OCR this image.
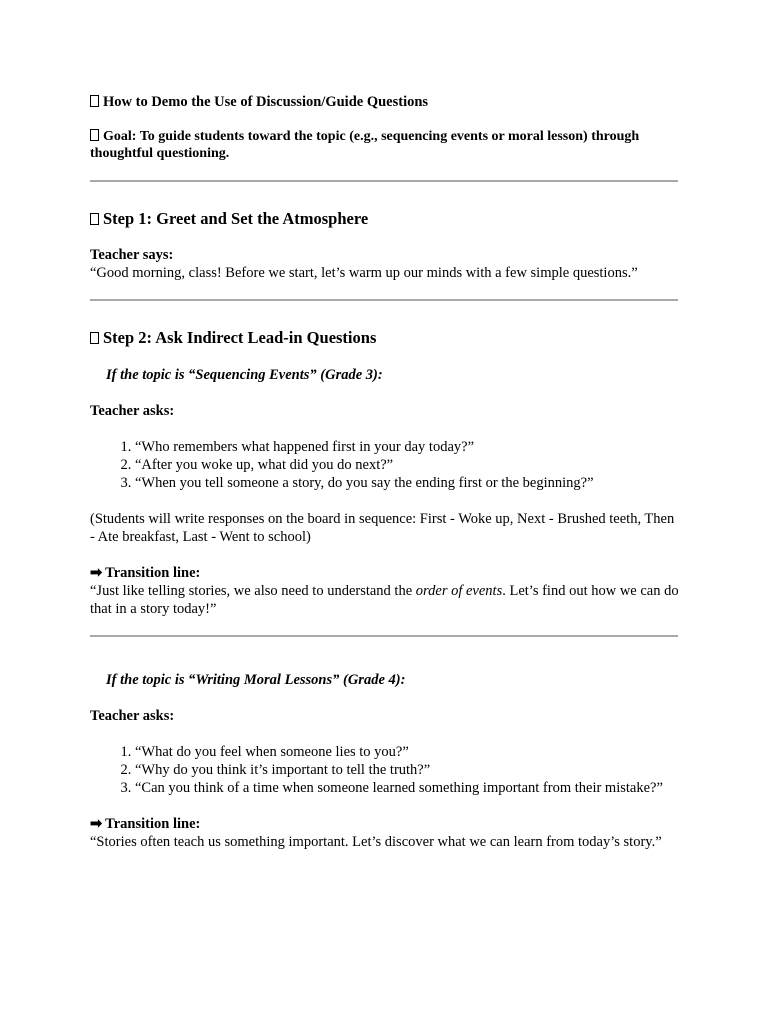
How to Demo the Use of Discussion/Guide Questions

Goal: To guide students toward the topic (e.g., sequencing events or moral lesson) through thoughtful questioning.

Step 1: Greet and Set the Atmosphere

Teacher says:

“Good morning, class! Before we start, let’s warm up our minds with a few simple questions.”

Step 2: Ask Indirect Lead-in Questions

If the topic is “Sequencing Events” (Grade 3):

Teacher asks:

1. “Who remembers what happened first in your day today?”
2. “After you woke up, what did you do next?”
3. “When you tell someone a story, do you say the ending first or the beginning?”

(Students will write responses on the board in sequence: First - Woke up, Next - Brushed teeth, Then - Ate breakfast, Last - Went to school)

➡ Transition line:

“Just like telling stories, we also need to understand the order of events. Let’s find out how we can do that in a story today!”

If the topic is “Writing Moral Lessons” (Grade 4):

Teacher asks:

1. “What do you feel when someone lies to you?”
2. “Why do you think it’s important to tell the truth?”
3. “Can you think of a time when someone learned something important from their mistake?”

➡ Transition line:

“Stories often teach us something important. Let’s discover what we can learn from today’s story.”
